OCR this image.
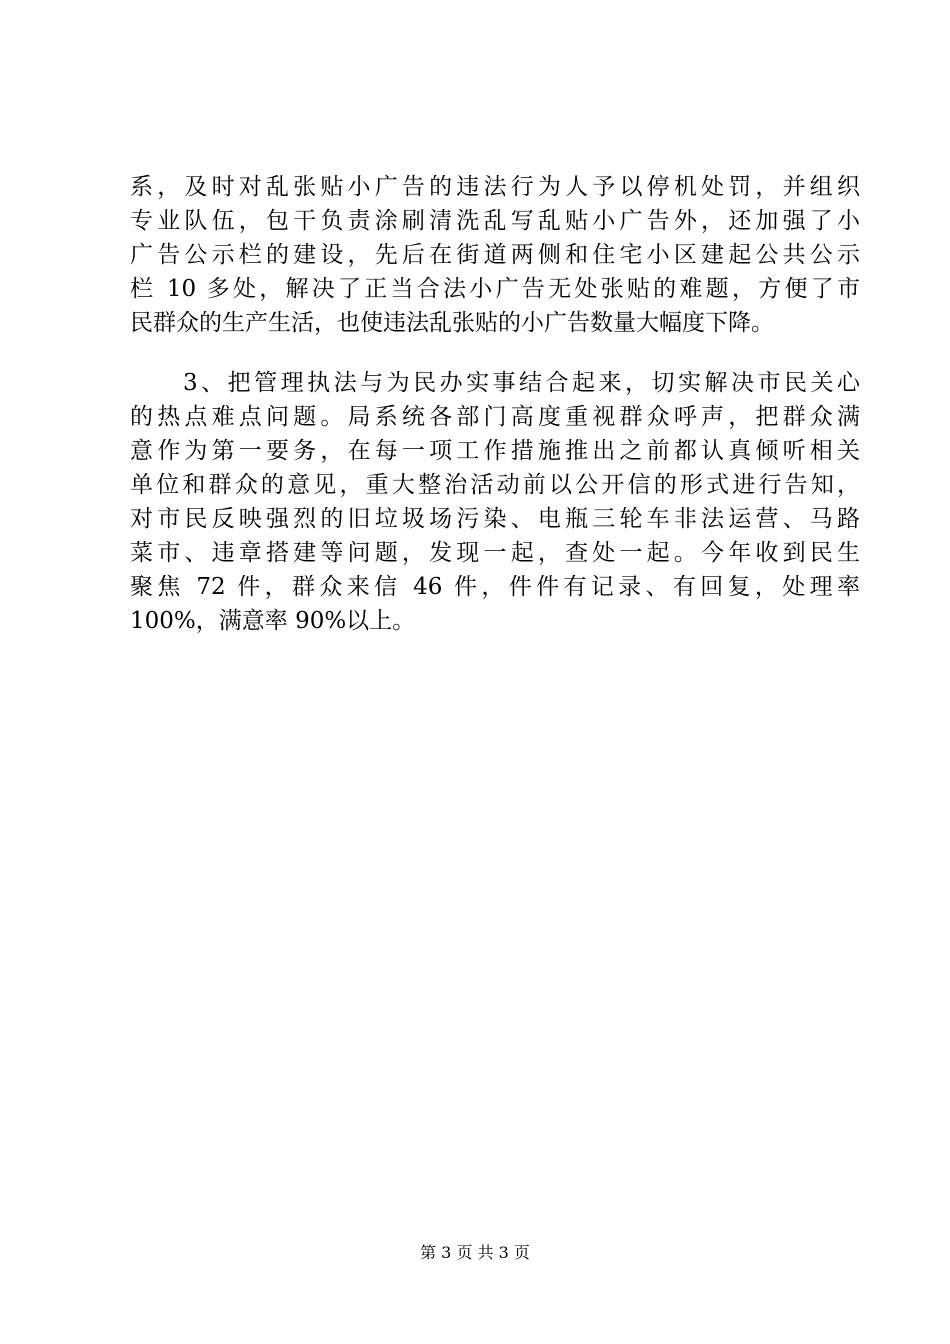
系，及时对乱张贴小广告的违法行为人予以停机处罚，并组织
专业队伍，包干负责涂刷清洗乱写乱贴小广告外，还加强了小
广告公示栏的建设，先后在街道两侧和住宅小区建起公共公示
栏 10 多处，解决了正当合法小广告无处张贴的难题，方便了市
民群众的生产生活，也使违法乱张贴的小广告数量大幅度下降。
　　3、把管理执法与为民办实事结合起来，切实解决市民关心
的热点难点问题。局系统各部门高度重视群众呼声，把群众满
意作为第一要务，在每一项工作措施推出之前都认真倾听相关
单位和群众的意见，重大整治活动前以公开信的形式进行告知，
对市民反映强烈的旧垃圾场污染、电瓶三轮车非法运营、马路
菜市、违章搭建等问题，发现一起，查处一起。今年收到民生
聚焦 72 件，群众来信 46 件，件件有记录、有回复，处理率
100%，满意率 90%以上。
第 3 页 共 3 页
